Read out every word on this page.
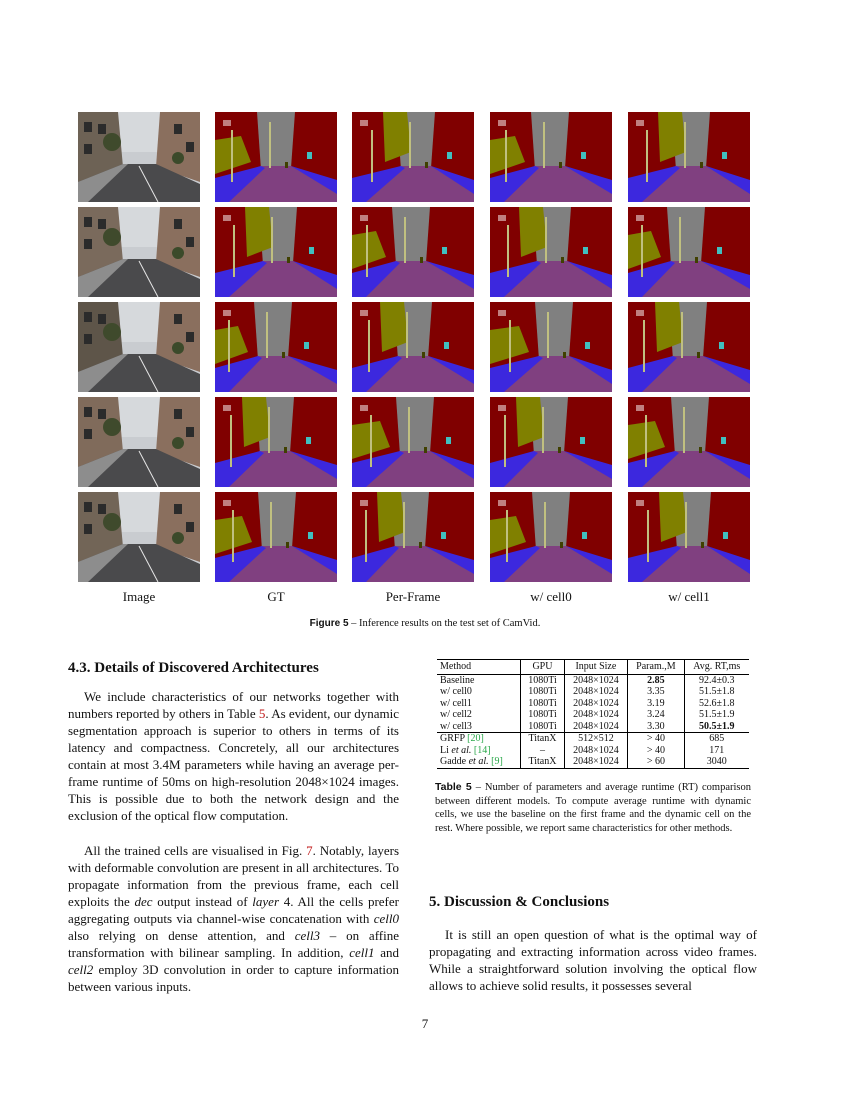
Image	GT	Per-Frame	w/ cell0	w/ cell1
Figure 5 – Inference results on the test set of CamVid.
4.3. Details of Discovered Architectures

We include characteristics of our networks together with numbers reported by others in Table 5. As evident, our dynamic segmentation approach is superior to others in terms of its latency and compactness. Concretely, all our architectures contain at most 3.4M parameters while having an average per-frame runtime of 50ms on high-resolution 2048×1024 images. This is possible due to both the network design and the exclusion of the optical flow computation.

All the trained cells are visualised in Fig. 7. Notably, layers with deformable convolution are present in all architectures. To propagate information from the previous frame, each cell exploits the dec output instead of layer 4. All the cells prefer aggregating outputs via channel-wise concatenation with cell0 also relying on dense attention, and cell3 – on affine transformation with bilinear sampling. In addition, cell1 and cell2 employ 3D convolution in order to capture information between various inputs.

Method	GPU	Input Size	Param.,M	Avg. RT,ms
Baseline	1080Ti	2048×1024	2.85	92.4±0.3
w/ cell0	1080Ti	2048×1024	3.35	51.5±1.8
w/ cell1	1080Ti	2048×1024	3.19	52.6±1.8
w/ cell2	1080Ti	2048×1024	3.24	51.5±1.9
w/ cell3	1080Ti	2048×1024	3.30	50.5±1.9
GRFP [20]	TitanX	512×512	> 40	685
Li et al. [14]	–	2048×1024	> 40	171
Gadde et al. [9]	TitanX	2048×1024	> 60	3040
Table 5 – Number of parameters and average runtime (RT) comparison between different models. To compute average runtime with dynamic cells, we use the baseline on the first frame and the dynamic cell on the rest. Where possible, we report same characteristics for other methods.
5. Discussion & Conclusions

It is still an open question of what is the optimal way of propagating and extracting information across video frames. While a straightforward solution involving the optical flow allows to achieve solid results, it possesses several

7
